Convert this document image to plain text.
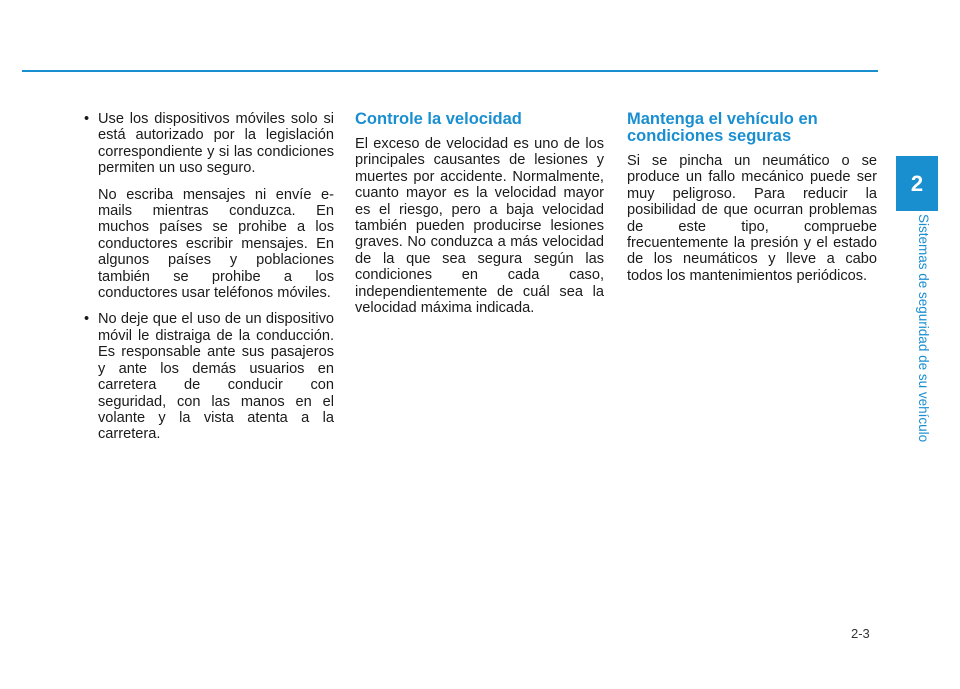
• Use los dispositivos móviles solo si está autorizado por la legislación correspondiente y si las condiciones permiten un uso seguro.

No escriba mensajes ni envíe e-mails mientras conduzca. En muchos países se prohibe a los conductores escribir mensajes. En algunos países y poblaciones también se prohibe a los conductores usar teléfonos móviles.

• No deje que el uso de un dispositivo móvil le distraiga de la conducción. Es responsable ante sus pasajeros y ante los demás usuarios en carretera de conducir con seguridad, con las manos en el volante y la vista atenta a la carretera.

Controle la velocidad

El exceso de velocidad es uno de los principales causantes de lesiones y muertes por accidente. Normalmente, cuanto mayor es la velocidad mayor es el riesgo, pero a baja velocidad también pueden producirse lesiones graves. No conduzca a más velocidad de la que sea segura según las condiciones en cada caso, independientemente de cuál sea la velocidad máxima indicada.

Mantenga el vehículo en
condiciones seguras

Si se pincha un neumático o se produce un fallo mecánico puede ser muy peligroso. Para reducir la posibilidad de que ocurran problemas de este tipo, compruebe frecuentemente la presión y el estado de los neumáticos y lleve a cabo todos los mantenimientos periódicos.

2
Sistemas de seguridad de su vehículo
2-3
